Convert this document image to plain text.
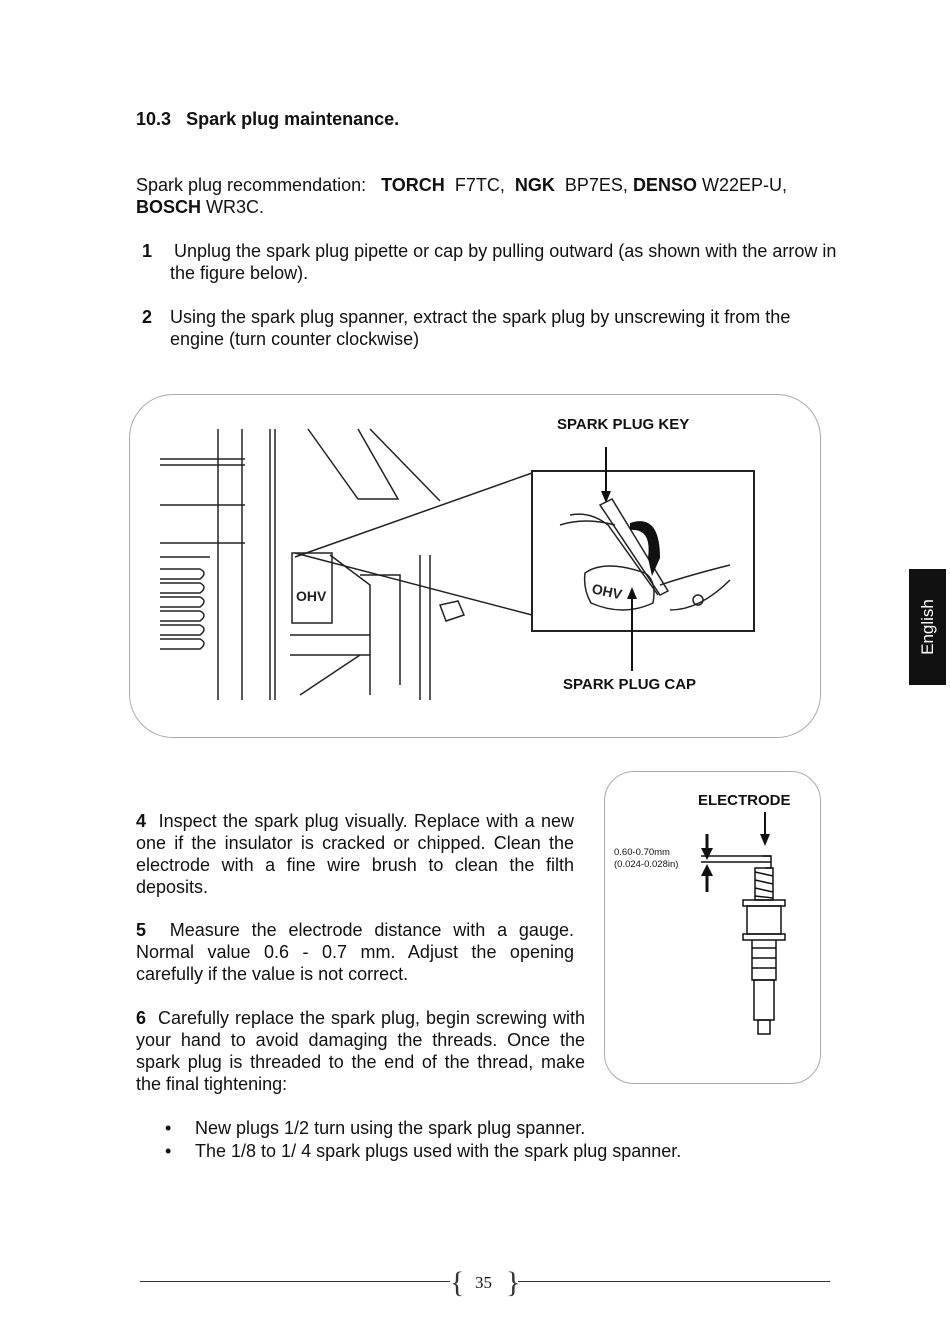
10.3 Spark plug maintenance.
Spark plug recommendation: TORCH F7TC, NGK BP7ES, DENSO W22EP-U,
BOSCH WR3C.
1	Unplug the spark plug pipette or cap by pulling outward (as shown with the arrow in the figure below).
2 Using the spark plug spanner, extract the spark plug by unscrewing it from the engine (turn counter clockwise)
OHV	OHV
SPARK PLUG KEY
SPARK PLUG CAP
4 Inspect the spark plug visually. Replace with a new one if the insulator is cracked or chipped. Clean the electrode with a fine wire brush to clean the filth deposits.
5 Measure the electrode distance with a gauge. Normal value 0.6 - 0.7 mm. Adjust the opening carefully if the value is not correct.
6 Carefully replace the spark plug, begin screwing with your hand to avoid damaging the threads. Once the spark plug is threaded to the end of the thread, make the final tightening:
ELECTRODE
0.60-0.70mm
(0.024-0.028in)
• New plugs 1/2 turn using the spark plug spanner.
• The 1/8 to 1/ 4 spark plugs used with the spark plug spanner.
English
{ }
35
